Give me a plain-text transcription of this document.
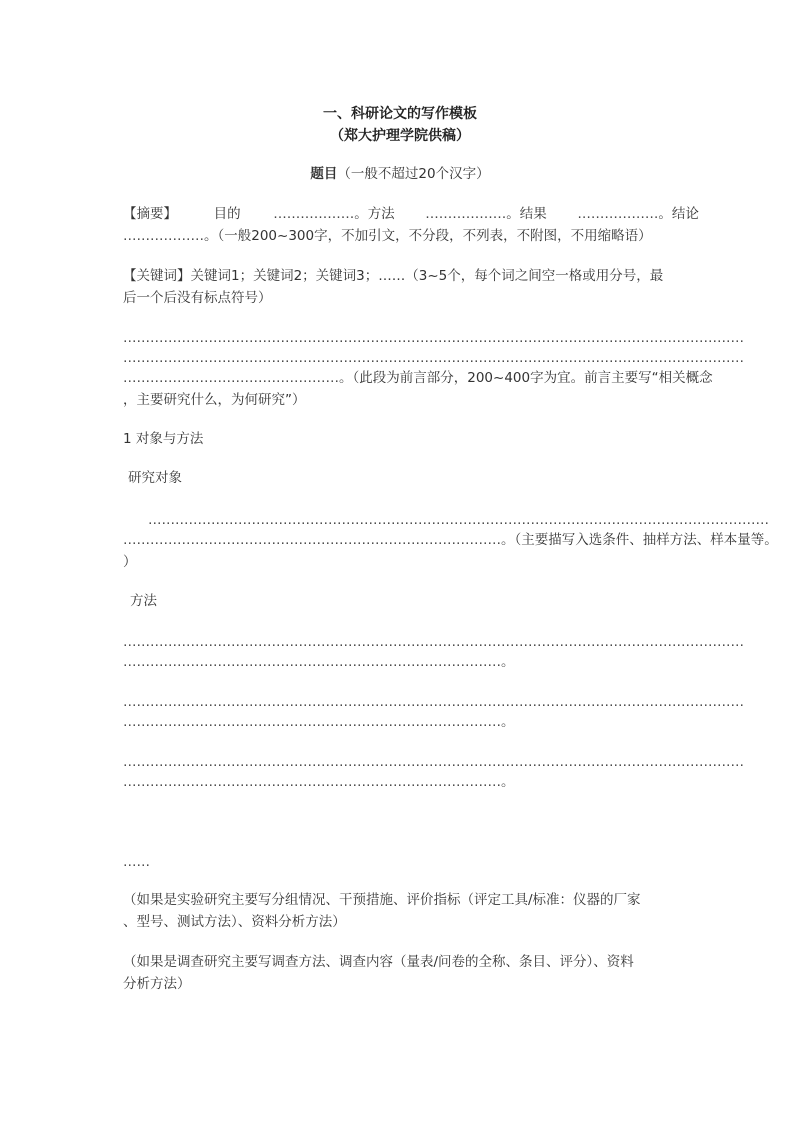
一、科研论文的写作模板
（郑大护理学院供稿）
题目（一般不超过20个汉字）
【摘要】	目的 ………………。方法 ………………。结果 ………………。结论
………………。（一般200~300字，不加引文，不分段，不列表，不附图，不用缩略语）
【关键词】关键词1；关键词2；关键词3；……（3~5个，每个词之间空一格或用分号，最
后一个后没有标点符号）
…………………………………………………………………………………………………………………………
…………………………………………………………………………………………………………………………
…………………………………………。（此段为前言部分，200~400字为宜。前言主要写“相关概念
，主要研究什么，为何研究”）
1 对象与方法
研究对象
…………………………………………………………………………………………………………………………
…………………………………………………………………………。（主要描写入选条件、抽样方法、样本量等。
）
方法
…………………………………………………………………………………………………………………………
…………………………………………………………………………。
…………………………………………………………………………………………………………………………
…………………………………………………………………………。
…………………………………………………………………………………………………………………………
…………………………………………………………………………。
……
（如果是实验研究主要写分组情况、干预措施、评价指标（评定工具/标准：仪器的厂家
、型号、测试方法）、资料分析方法）
（如果是调查研究主要写调查方法、调查内容（量表/问卷的全称、条目、评分）、资料
分析方法）
